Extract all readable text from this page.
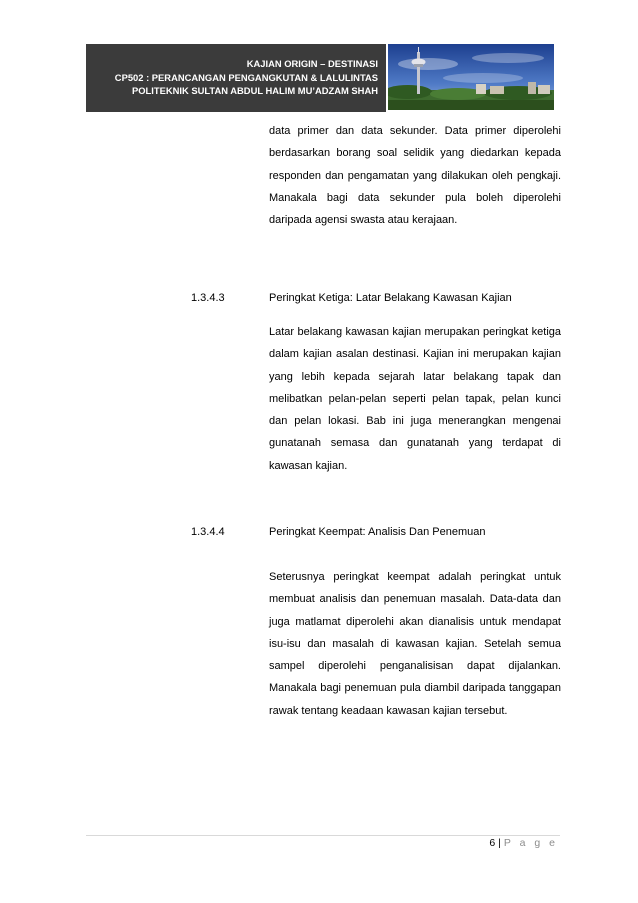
KAJIAN ORIGIN – DESTINASI
CP502 : PERANCANGAN PENGANGKUTAN & LALULINTAS
POLITEKNIK SULTAN ABDUL HALIM MU’ADZAM SHAH
data primer dan data sekunder. Data primer diperolehi berdasarkan borang soal selidik yang diedarkan kepada responden dan pengamatan yang dilakukan oleh pengkaji. Manakala bagi data sekunder pula boleh diperolehi daripada agensi swasta atau kerajaan.
1.3.4.3	Peringkat Ketiga: Latar Belakang Kawasan Kajian
Latar belakang kawasan kajian merupakan peringkat ketiga dalam kajian asalan destinasi. Kajian ini merupakan kajian yang lebih kepada sejarah latar belakang tapak dan melibatkan pelan-pelan seperti pelan tapak, pelan kunci dan pelan lokasi. Bab ini juga menerangkan mengenai gunatanah semasa dan gunatanah yang terdapat di kawasan kajian.
1.3.4.4	Peringkat Keempat: Analisis Dan Penemuan
Seterusnya peringkat keempat adalah peringkat untuk membuat analisis dan penemuan masalah. Data-data dan juga matlamat diperolehi akan dianalisis untuk mendapat isu-isu dan masalah di kawasan kajian. Setelah semua sampel diperolehi penganalisisan dapat dijalankan. Manakala bagi penemuan pula diambil daripada tanggapan rawak tentang keadaan kawasan kajian tersebut.
6 | P a g e
